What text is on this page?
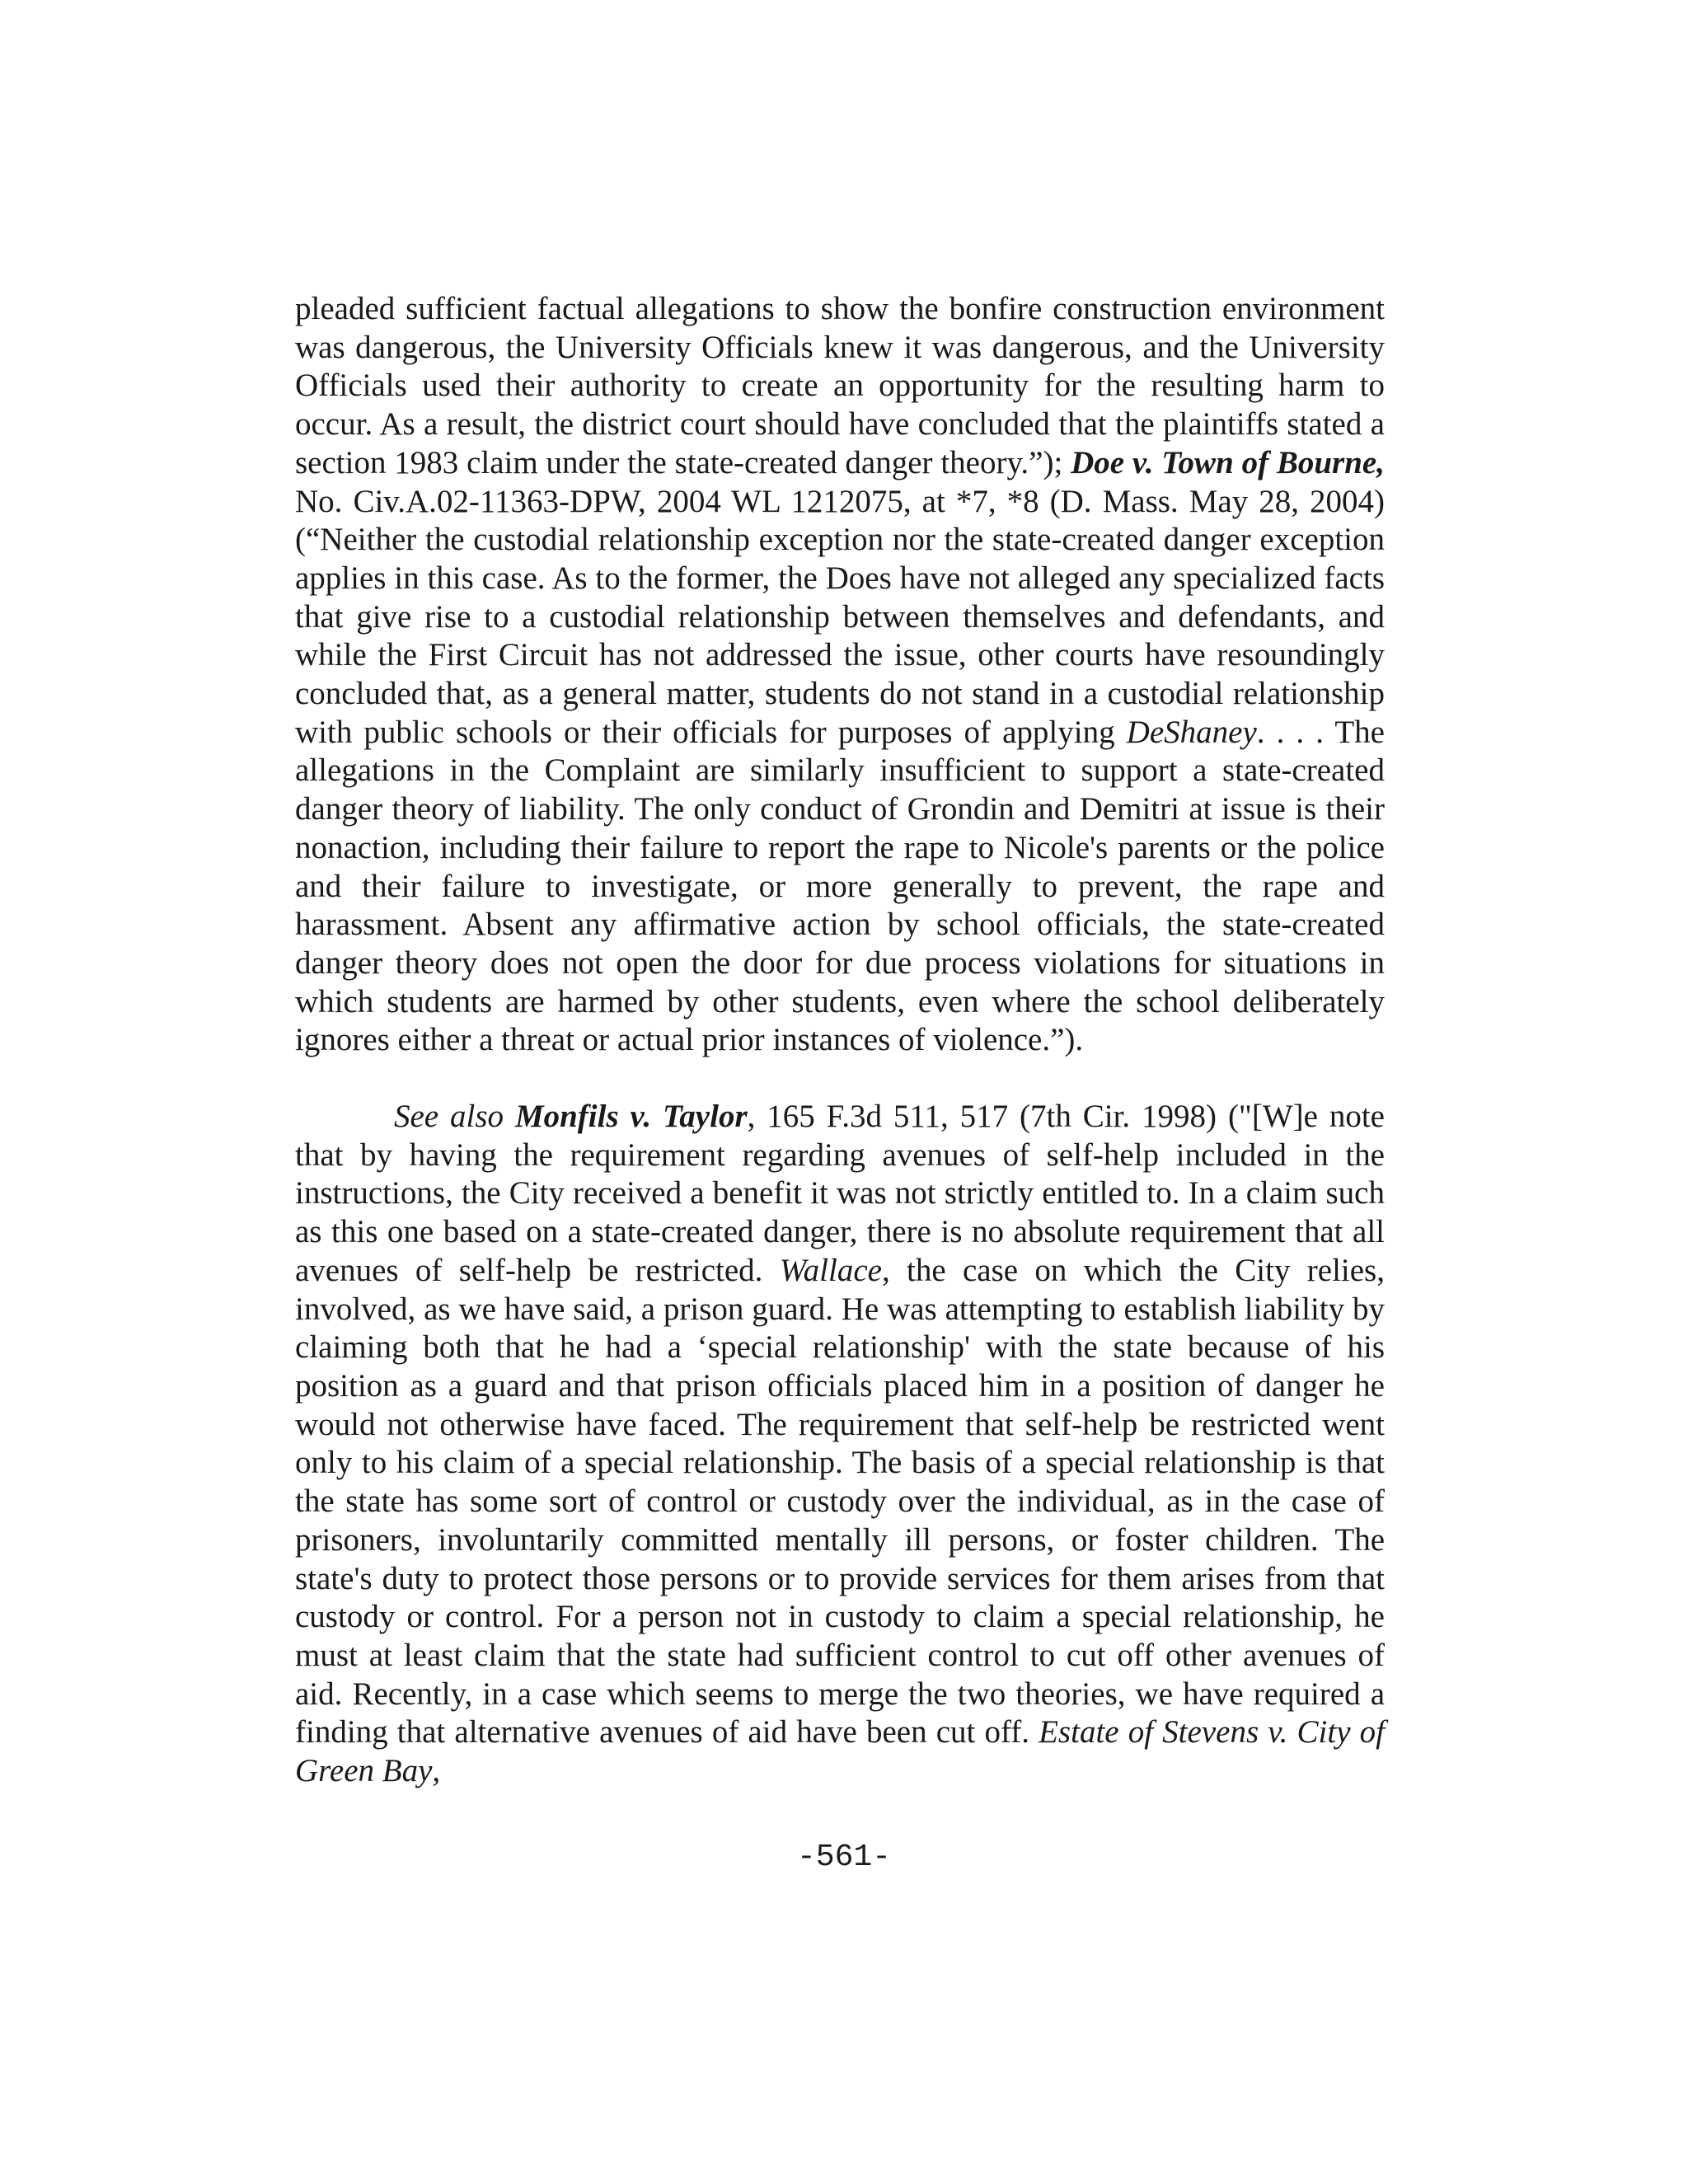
pleaded sufficient factual allegations to show the bonfire construction environment was dangerous, the University Officials knew it was dangerous, and the University Officials used their authority to create an opportunity for the resulting harm to occur. As a result, the district court should have concluded that the plaintiffs stated a section 1983 claim under the state-created danger theory.”); Doe v. Town of Bourne, No. Civ.A.02-11363-DPW, 2004 WL 1212075, at *7, *8 (D. Mass. May 28, 2004) (“Neither the custodial relationship exception nor the state-created danger exception applies in this case. As to the former, the Does have not alleged any specialized facts that give rise to a custodial relationship between themselves and defendants, and while the First Circuit has not addressed the issue, other courts have resoundingly concluded that, as a general matter, students do not stand in a custodial relationship with public schools or their officials for purposes of applying DeShaney. . . . The allegations in the Complaint are similarly insufficient to support a state-created danger theory of liability. The only conduct of Grondin and Demitri at issue is their nonaction, including their failure to report the rape to Nicole's parents or the police and their failure to investigate, or more generally to prevent, the rape and harassment. Absent any affirmative action by school officials, the state-created danger theory does not open the door for due process violations for situations in which students are harmed by other students, even where the school deliberately ignores either a threat or actual prior instances of violence.”).

See also Monfils v. Taylor, 165 F.3d 511, 517 (7th Cir. 1998) ("[W]e note that by having the requirement regarding avenues of self-help included in the instructions, the City received a benefit it was not strictly entitled to. In a claim such as this one based on a state-created danger, there is no absolute requirement that all avenues of self-help be restricted. Wallace, the case on which the City relies, involved, as we have said, a prison guard. He was attempting to establish liability by claiming both that he had a ‘special relationship' with the state because of his position as a guard and that prison officials placed him in a position of danger he would not otherwise have faced. The requirement that self-help be restricted went only to his claim of a special relationship. The basis of a special relationship is that the state has some sort of control or custody over the individual, as in the case of prisoners, involuntarily committed mentally ill persons, or foster children. The state's duty to protect those persons or to provide services for them arises from that custody or control. For a person not in custody to claim a special relationship, he must at least claim that the state had sufficient control to cut off other avenues of aid. Recently, in a case which seems to merge the two theories, we have required a finding that alternative avenues of aid have been cut off. Estate of Stevens v. City of Green Bay,

-561-
